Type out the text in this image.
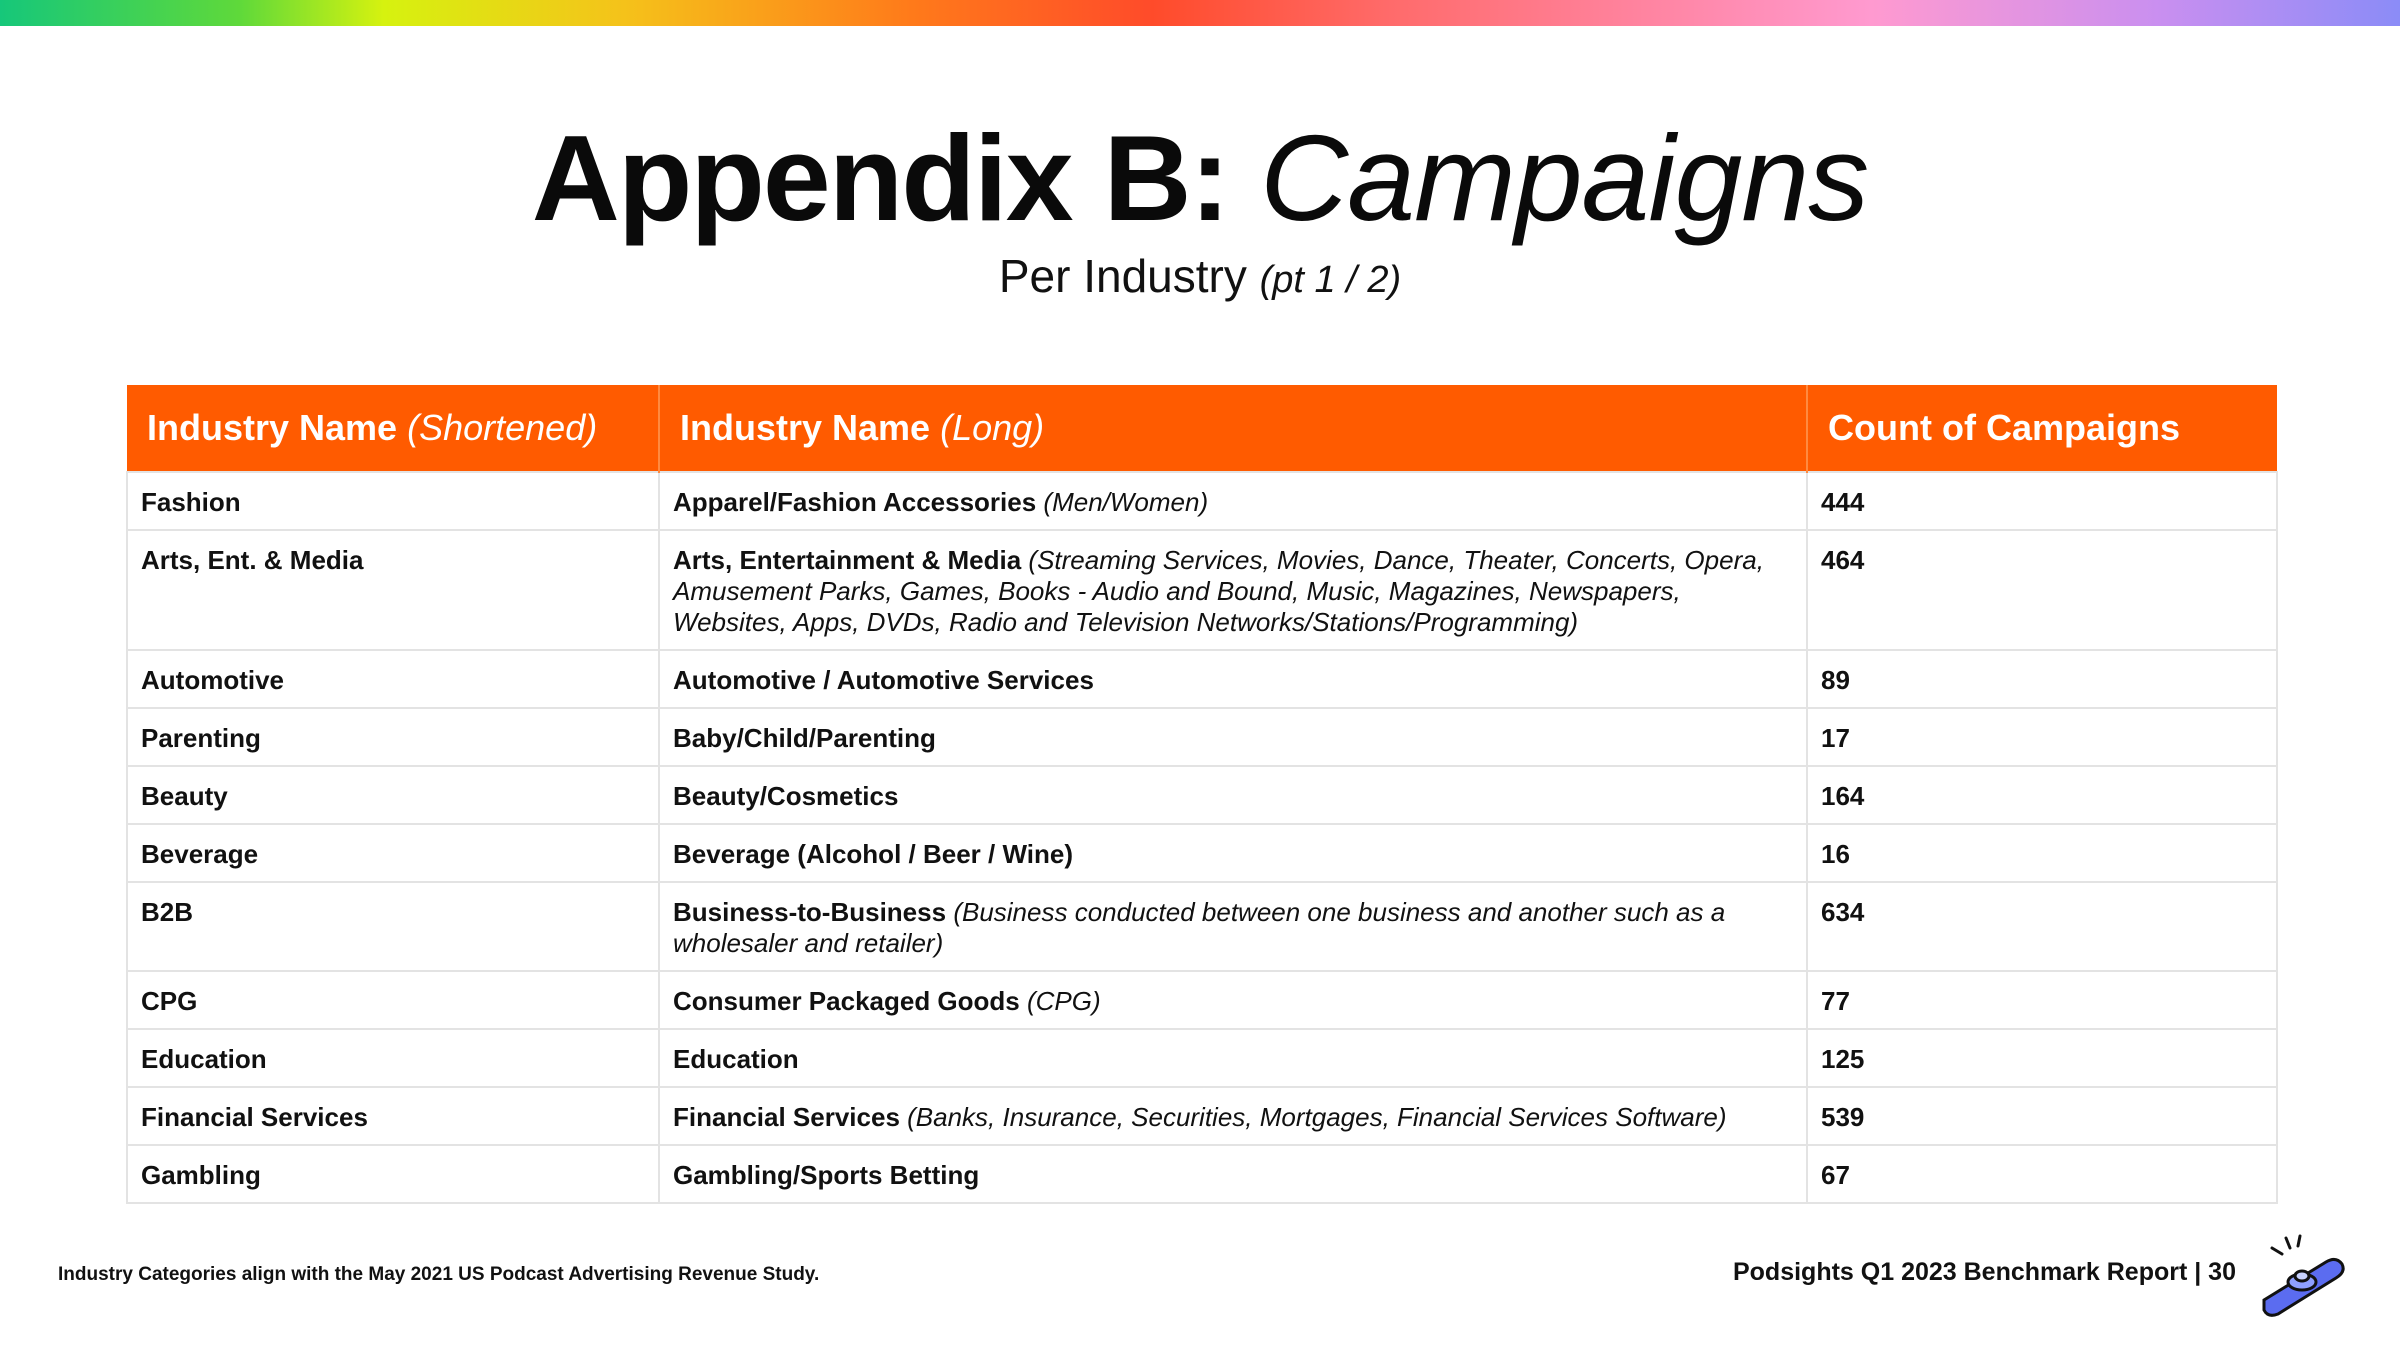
Appendix B: Campaigns
Per Industry (pt 1 / 2)
Industry Name (Shortened)	Industry Name (Long)	Count of Campaigns
Fashion	Apparel/Fashion Accessories (Men/Women)	444
Arts, Ent. & Media	Arts, Entertainment & Media (Streaming Services, Movies, Dance, Theater, Concerts, Opera, Amusement Parks, Games, Books - Audio and Bound, Music, Magazines, Newspapers, Websites, Apps, DVDs, Radio and Television Networks/Stations/Programming)	464
Automotive	Automotive / Automotive Services	89
Parenting	Baby/Child/Parenting	17
Beauty	Beauty/Cosmetics	164
Beverage	Beverage (Alcohol / Beer / Wine)	16
B2B	Business-to-Business (Business conducted between one business and another such as a wholesaler and retailer)	634
CPG	Consumer Packaged Goods (CPG)	77
Education	Education	125
Financial Services	Financial Services (Banks, Insurance, Securities, Mortgages, Financial Services Software)	539
Gambling	Gambling/Sports Betting	67
Industry Categories align with the May 2021 US Podcast Advertising Revenue Study.	Podsights Q1 2023 Benchmark Report | 30
